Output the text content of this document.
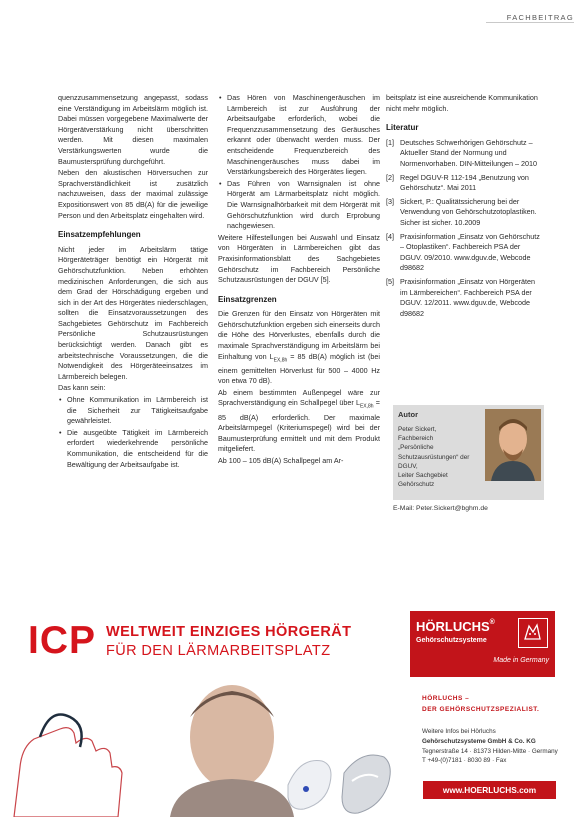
FACHBEITRAG

quenzzusammensetzung angepasst, sodass eine Verständigung im Arbeitslärm möglich ist. Dabei müssen vorgegebene Maximalwerte der Hörgerätverstärkung nicht überschritten werden. Mit diesen maximalen Verstärkungswerten wurde die Baumustersprüfung durchgeführt.

Neben den akustischen Hörversuchen zur Sprachverständlichkeit ist zusätzlich nachzuweisen, dass der maximal zulässige Expositionswert von 85 dB(A) für die jeweilige Person und den Arbeitsplatz eingehalten wird.

Einsatzempfehlungen

Nicht jeder im Arbeitslärm tätige Hörgeräteträger benötigt ein Hörgerät mit Gehörschutzfunktion. Neben erhöhten medizinischen Anforderungen, die sich aus dem Grad der Hörschädigung ergeben und sich in der Art des Hörgerätes niederschlagen, sollten die Einsatzvoraussetzungen des Sachgebietes Gehörschutz im Fachbereich Persönliche Schutzausrüstungen berücksichtigt werden. Danach gibt es arbeitstechnische Voraussetzungen, die die Notwendigkeit des Hörgeräteeinsatzes im Lärmbereich belegen.

Das kann sein:

• Ohne Kommunikation im Lärmbereich ist die Sicherheit zur Tätigkeitsaufgabe gewährleistet.
• Die ausgeübte Tätigkeit im Lärmbereich erfordert wiederkehrende persönliche Kommunikation, die entscheidend für die Bewältigung der Arbeitsaufgabe ist.
• Das Hören von Maschinengeräuschen im Lärmbereich ist zur Ausführung der Arbeitsaufgabe erforderlich, wobei die Frequenzzusammensetzung des Geräusches erkannt oder überwacht werden muss. Der entscheidende Frequenzbereich des Maschinengeräusches muss dabei im Verstärkungsbereich des Hörgerätes liegen.
• Das Führen von Warnsignalen ist ohne Hörgerät am Lärmarbeitsplatz nicht möglich. Die Warnsignalhörbarkeit mit dem Hörgerät mit Gehörschutzfunktion wird durch Erprobung nachgewiesen.

Weitere Hilfestellungen bei Auswahl und Einsatz von Hörgeräten in Lärmbereichen gibt das Praxisinformationsblatt des Sachgebietes Gehörschutz im Fachbereich Persönliche Schutzausrüstungen der DGUV [5].

Einsatzgrenzen

Die Grenzen für den Einsatz von Hörgeräten mit Gehörschutzfunktion ergeben sich einerseits durch die Höhe des Hörverlustes, ebenfalls durch die maximale Sprachverständigung im Arbeitslärm bei Einhaltung von $L_{EX,8h} = 85$ dB(A) möglich ist (bei einem gemittelten Hörverlust für 500 – 4000 Hz von etwa 70 dB).

Ab einem bestimmten Außenpegel wäre zur Sprachverständigung ein Schallpegel über $L_{EX,8h} = 85$ dB(A) erforderlich. Der maximale Arbeitslärmpegel (Kriteriumspegel) wird bei der Baumusterprüfung ermittelt und mit dem Produkt mitgeliefert.

Ab 100 – 105 dB(A) Schallpegel am Ar-

beitsplatz ist eine ausreichende Kommunikation nicht mehr möglich.

Literatur
[1] Deutsches Schwerhörigen Gehörschutz – Aktueller Stand der Normung und Normenvorhaben. DIN-Mitteilungen – 2010
[2] Regel DGUV-R 112-194 „Benutzung von Gehörschutz“. Mai 2011
[3] Sickert, P.: Qualitätssicherung bei der Verwendung von Gehörschutzotoplastiken. Sicher ist sicher. 10.2009
[4] Praxisinformation „Einsatz von Gehörschutz – Otoplastiken“. Fachbereich PSA der DGUV. 09/2010. www.dguv.de, Webcode d98682
[5] Praxisinformation „Einsatz von Hörgeräten im Lärmbereichen“. Fachbereich PSA der DGUV. 12/2011. www.dguv.de, Webcode d98682
Autor
Peter Sickert,
Fachbereich
„Persönliche Schutzausrüstungen“ der
DGUV,
Leiter Sachgebiet Gehörschutz
E-Mail: Peter.Sickert@bghm.de
ICP WELTWEIT EINZIGES HÖRGERÄT
FÜR DEN LÄRMARBEITSPLATZ
HÖRLUCHS®
Gehörschutzsysteme
Made in Germany
HÖRLUCHS –
DER GEHÖRSCHUTZSPEZIALIST.
Weitere Infos bei Hörluchs
Gehörschutzsysteme GmbH & Co. KG
Tegnerstraße 14 · 81373 Hilden-Mitte · Germany
T +49-(0)7181 · 8030 89 · Fax
www.HOERLUCHS.com
